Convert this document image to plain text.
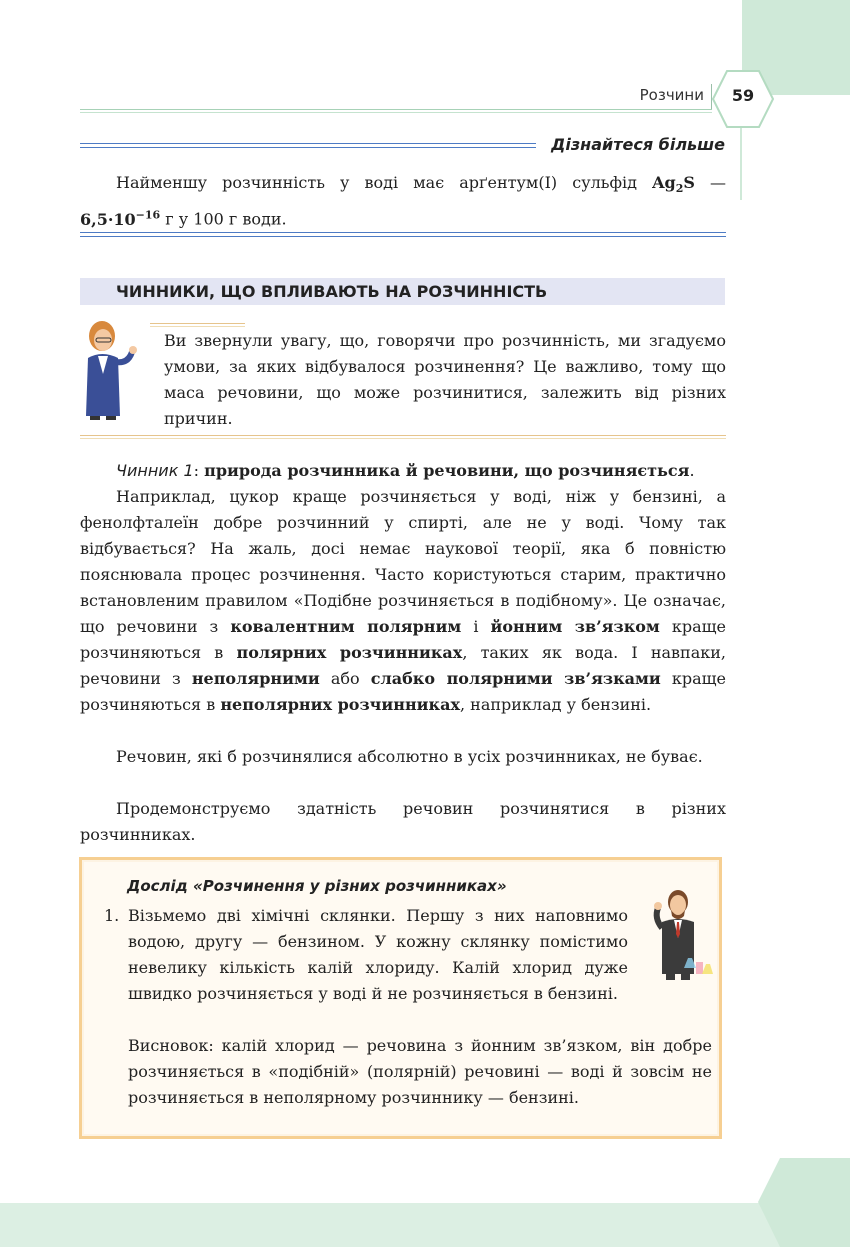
Розчини	59
Дізнайтеся більше
Найменшу розчинність у воді має арґентум(I) сульфід $Ag_2S$ — $6,5\cdot 10^{-16}$ г у 100 г води.
ЧИННИКИ, ЩО ВПЛИВАЮТЬ НА РОЗЧИННІСТЬ
Ви звернули увагу, що, говорячи про розчинність, ми згадуємо умови, за яких відбувалося розчинення? Це важливо, тому що маса речовини, що може розчинитися, залежить від різних причин.
Чинник 1: природа розчинника й речовини, що розчиняється.
Наприклад, цукор краще розчиняється у воді, ніж у бензині, а фенолфталеїн добре розчинний у спирті, але не у воді. Чому так відбувається? На жаль, досі немає наукової теорії, яка б повністю пояснювала процес розчинення. Часто користуються старим, практично встановленим правилом «Подібне розчиняється в подібному». Це означає, що речовини з ковалентним полярним і йонним зв’язком краще розчиняються в полярних розчинниках, таких як вода. І навпаки, речовини з неполярними або слабко полярними зв’язками краще розчиняються в неполярних розчинниках, наприклад у бензині.
Речовин, які б розчинялися абсолютно в усіх розчинниках, не буває.
Продемонструємо здатність речовин розчинятися в різних розчинниках.
Дослід «Розчинення у різних розчинниках»
1. Візьмемо дві хімічні склянки. Першу з них наповнимо водою, другу — бензином. У кожну склянку помістимо невелику кількість калій хлориду. Калій хлорид дуже швидко розчиняється у воді й не розчиняється в бензині.
Висновок: калій хлорид — речовина з йонним зв’язком, він добре розчиняється в «подібній» (полярній) речовині — воді й зовсім не розчиняється в неполярному розчиннику — бензині.
